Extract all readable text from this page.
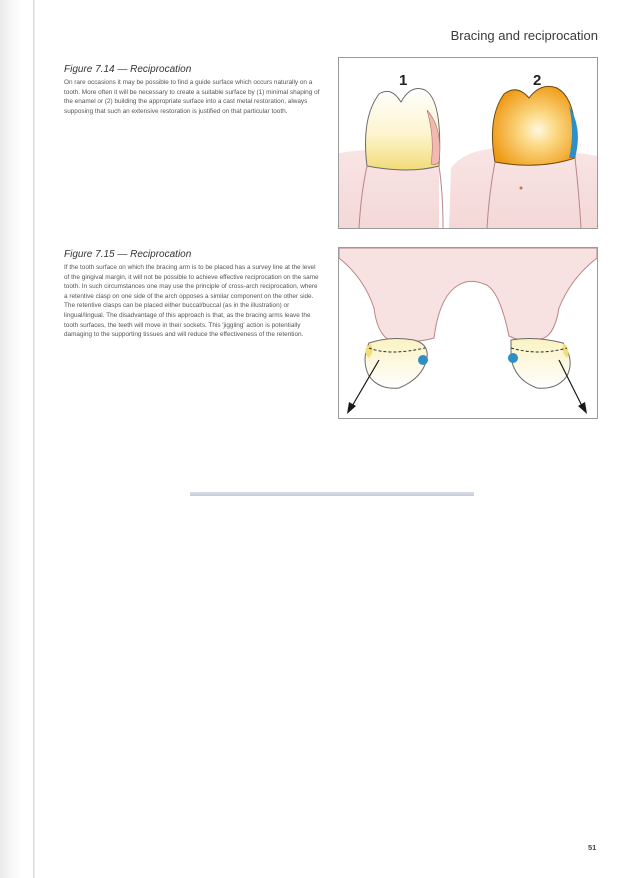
Bracing and reciprocation

Figure 7.14 — Reciprocation

On rare occasions it may be possible to find a guide surface which occurs naturally on a tooth. More often it will be necessary to create a suitable surface by (1) minimal shaping of the enamel or (2) building the appropriate surface into a cast metal restoration, always supposing that such an extensive restoration is justified on that particular tooth.

1	2

Figure 7.15 — Reciprocation

If the tooth surface on which the bracing arm is to be placed has a survey line at the level of the gingival margin, it will not be possible to achieve effective reciprocation on the same tooth. In such circumstances one may use the principle of cross-arch reciprocation, where a retentive clasp on one side of the arch opposes a similar component on the other side. The retentive clasps can be placed either buccal/buccal (as in the illustration) or lingual/lingual. The disadvantage of this approach is that, as the bracing arms leave the tooth surfaces, the teeth will move in their sockets. This 'jiggling' action is potentially damaging to the supporting tissues and will reduce the effectiveness of the retention.

51
